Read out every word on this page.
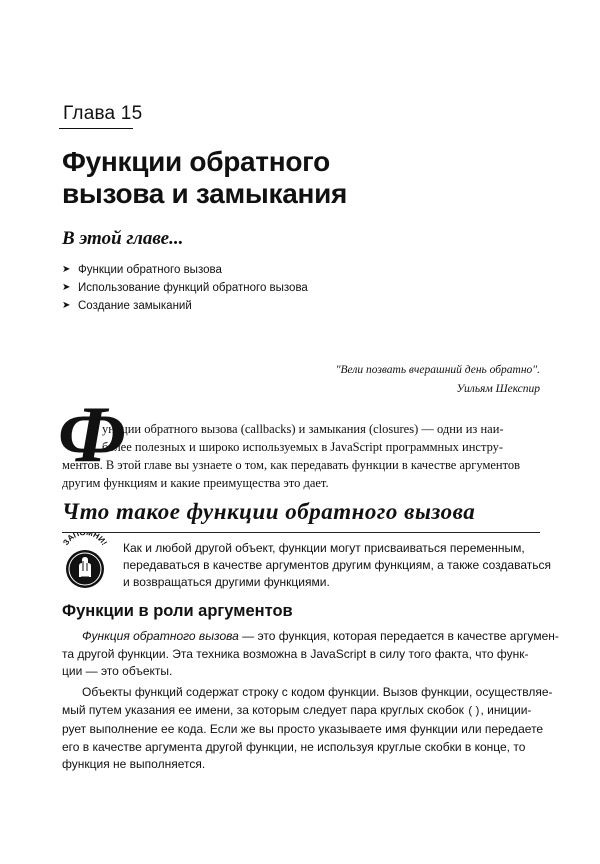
Глава 15
Функции обратного
вызова и замыкания
В этой главе...
➤ Функции обратного вызова
➤ Использование функций обратного вызова
➤ Создание замыканий
"Вели позвать вчерашний день обратно".
Уильям Шекспир
Ф
ункции обратного вызова (callbacks) и замыкания (closures) — одни из наи-
более полезных и широко используемых в JavaScript программных инстру-
ментов. В этой главе вы узнаете о том, как передавать функции в качестве аргументов
другим функциям и какие преимущества это дает.
Что такое функции обратного вызова
ЗАП НИ! Как и любой другой объект, функции могут присваиваться переменным,
передаваться в качестве аргументов другим функциям, а также создаваться
и возвращаться другими функциями.
Функции в роли аргументов
Функция обратного вызова — это функция, которая передается в качестве аргумен-
та другой функции. Эта техника возможна в JavaScript в силу того факта, что функ-
ции — это объекты.
Объекты функций содержат строку с кодом функции. Вызов функции, осуществляе-
мый путем указания ее имени, за которым следует пара круглых скобок (), иниции-
рует выполнение ее кода. Если же вы просто указываете имя функции или передаете
его в качестве аргумента другой функции, не используя круглые скобки в конце, то
функция не выполняется.
